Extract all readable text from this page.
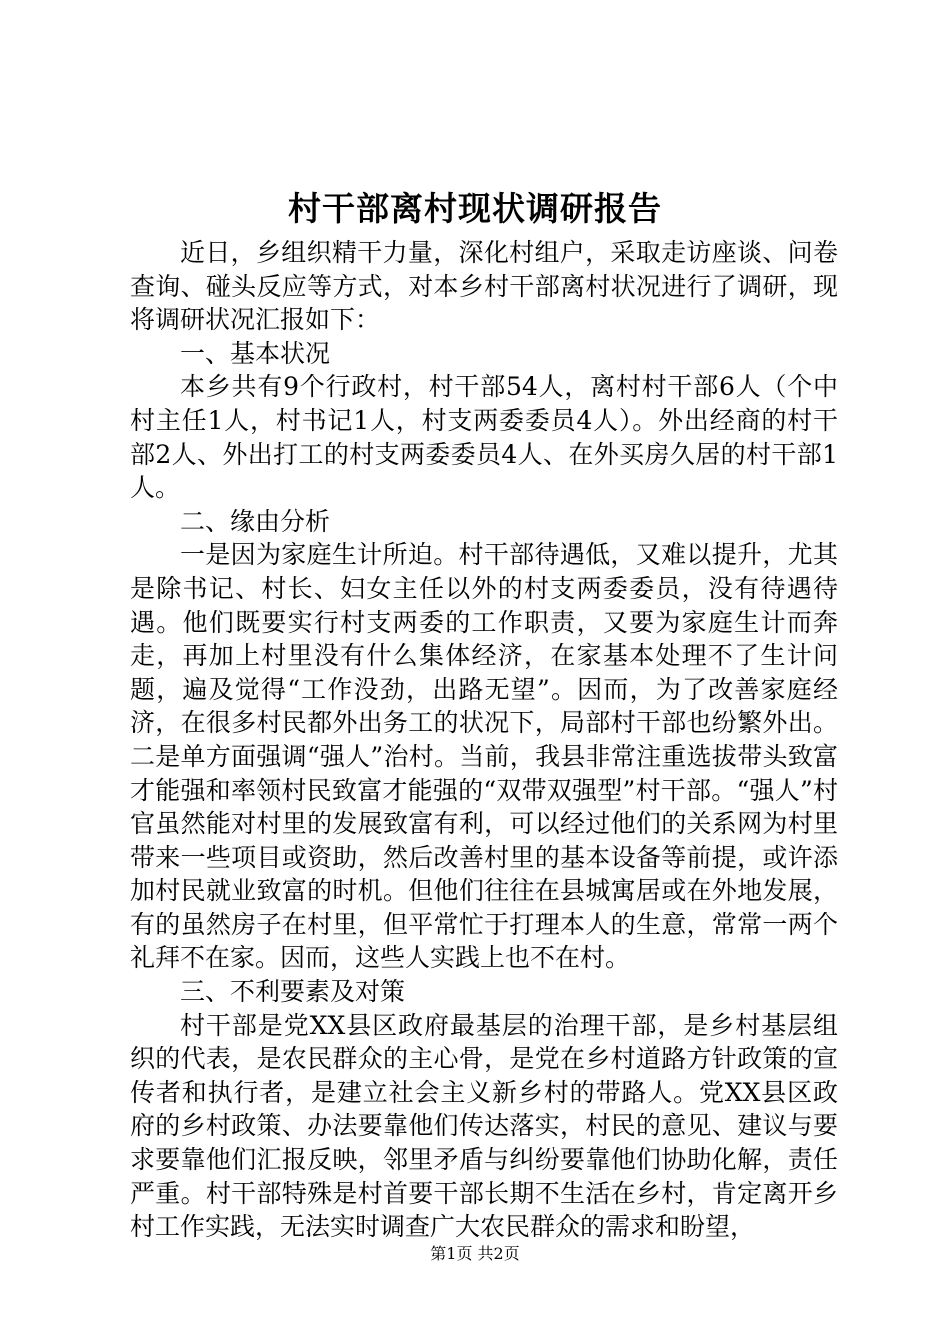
村干部离村现状调研报告

近日，乡组织精干力量，深化村组户，采取走访座谈、问卷查询、碰头反应等方式，对本乡村干部离村状况进行了调研，现将调研状况汇报如下：

一、基本状况

本乡共有9个行政村，村干部54人，离村村干部6人（个中村主任1人，村书记1人，村支两委委员4人）。外出经商的村干部2人、外出打工的村支两委委员4人、在外买房久居的村干部1人。

二、缘由分析

一是因为家庭生计所迫。村干部待遇低，又难以提升，尤其是除书记、村长、妇女主任以外的村支两委委员，没有待遇待遇。他们既要实行村支两委的工作职责，又要为家庭生计而奔走，再加上村里没有什么集体经济，在家基本处理不了生计问题，遍及觉得“工作没劲，出路无望”。因而，为了改善家庭经济，在很多村民都外出务工的状况下，局部村干部也纷繁外出。二是单方面强调“强人”治村。当前，我县非常注重选拔带头致富才能强和率领村民致富才能强的“双带双强型”村干部。“强人”村官虽然能对村里的发展致富有利，可以经过他们的关系网为村里带来一些项目或资助，然后改善村里的基本设备等前提，或许添加村民就业致富的时机。但他们往往在县城寓居或在外地发展，有的虽然房子在村里，但平常忙于打理本人的生意，常常一两个礼拜不在家。因而，这些人实践上也不在村。

三、不利要素及对策

村干部是党XX县区政府最基层的治理干部，是乡村基层组织的代表，是农民群众的主心骨，是党在乡村道路方针政策的宣传者和执行者，是建立社会主义新乡村的带路人。党XX县区政府的乡村政策、办法要靠他们传达落实，村民的意见、建议与要求要靠他们汇报反映，邻里矛盾与纠纷要靠他们协助化解，责任严重。村干部特殊是村首要干部长期不生活在乡村，肯定离开乡村工作实践，无法实时调查广大农民群众的需求和盼望，

第1页 共2页
